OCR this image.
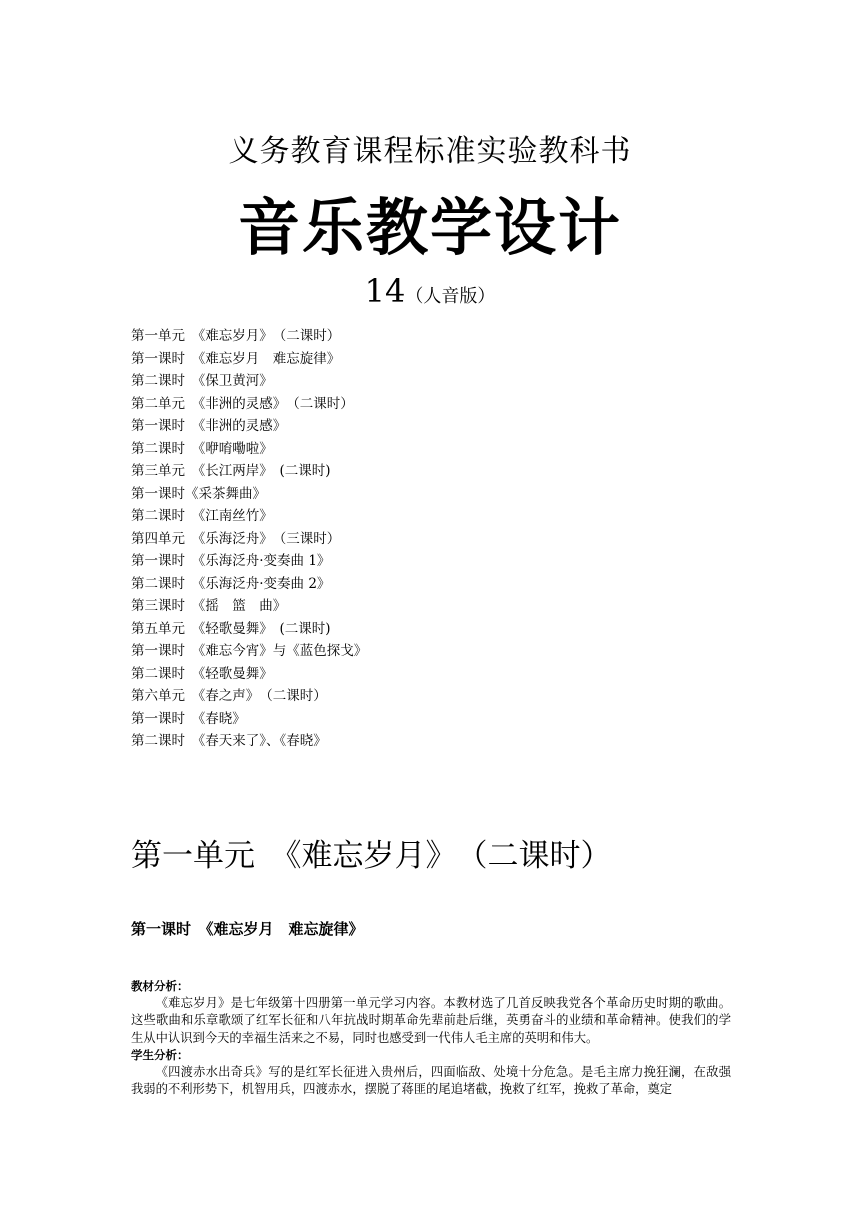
义务教育课程标准实验教科书
音乐教学设计
14（人音版）
第一单元　《难忘岁月》　（二课时）
第一课时　《难忘岁月　难忘旋律》
第二课时　《保卫黄河》
第二单元　《非洲的灵感》　（二课时）
第一课时　《非洲的灵感》
第二课时　《咿唷嘞啦》
第三单元　《长江两岸》　(二课时)
第一课时《采茶舞曲》
第二课时　《江南丝竹》
第四单元　《乐海泛舟》　（三课时）
第一课时　《乐海泛舟·变奏曲 1》
第二课时　《乐海泛舟·变奏曲 2》
第三课时　《摇　篮　曲》
第五单元　《轻歌曼舞》　(二课时)
第一课时　《难忘今宵》与《蓝色探戈》
第二课时　《轻歌曼舞》
第六单元　《春之声》　（二课时）
第一课时　《春晓》
第二课时　《春天来了》、《春晓》
第一单元　《难忘岁月》　（二课时）
第一课时　《难忘岁月　难忘旋律》
教材分析：

《难忘岁月》是七年级第十四册第一单元学习内容。本教材选了几首反映我党各个革命历史时期的歌曲。这些歌曲和乐章歌颂了红军长征和八年抗战时期革命先辈前赴后继，英勇奋斗的业绩和革命精神。使我们的学生从中认识到今天的幸福生活来之不易，同时也感受到一代伟人毛主席的英明和伟大。

学生分析：

《四渡赤水出奇兵》写的是红军长征进入贵州后，四面临敌、处境十分危急。是毛主席力挽狂澜，在敌强我弱的不利形势下，机智用兵，四渡赤水，摆脱了蒋匪的尾追堵截，挽救了红军，挽救了革命，奠定
